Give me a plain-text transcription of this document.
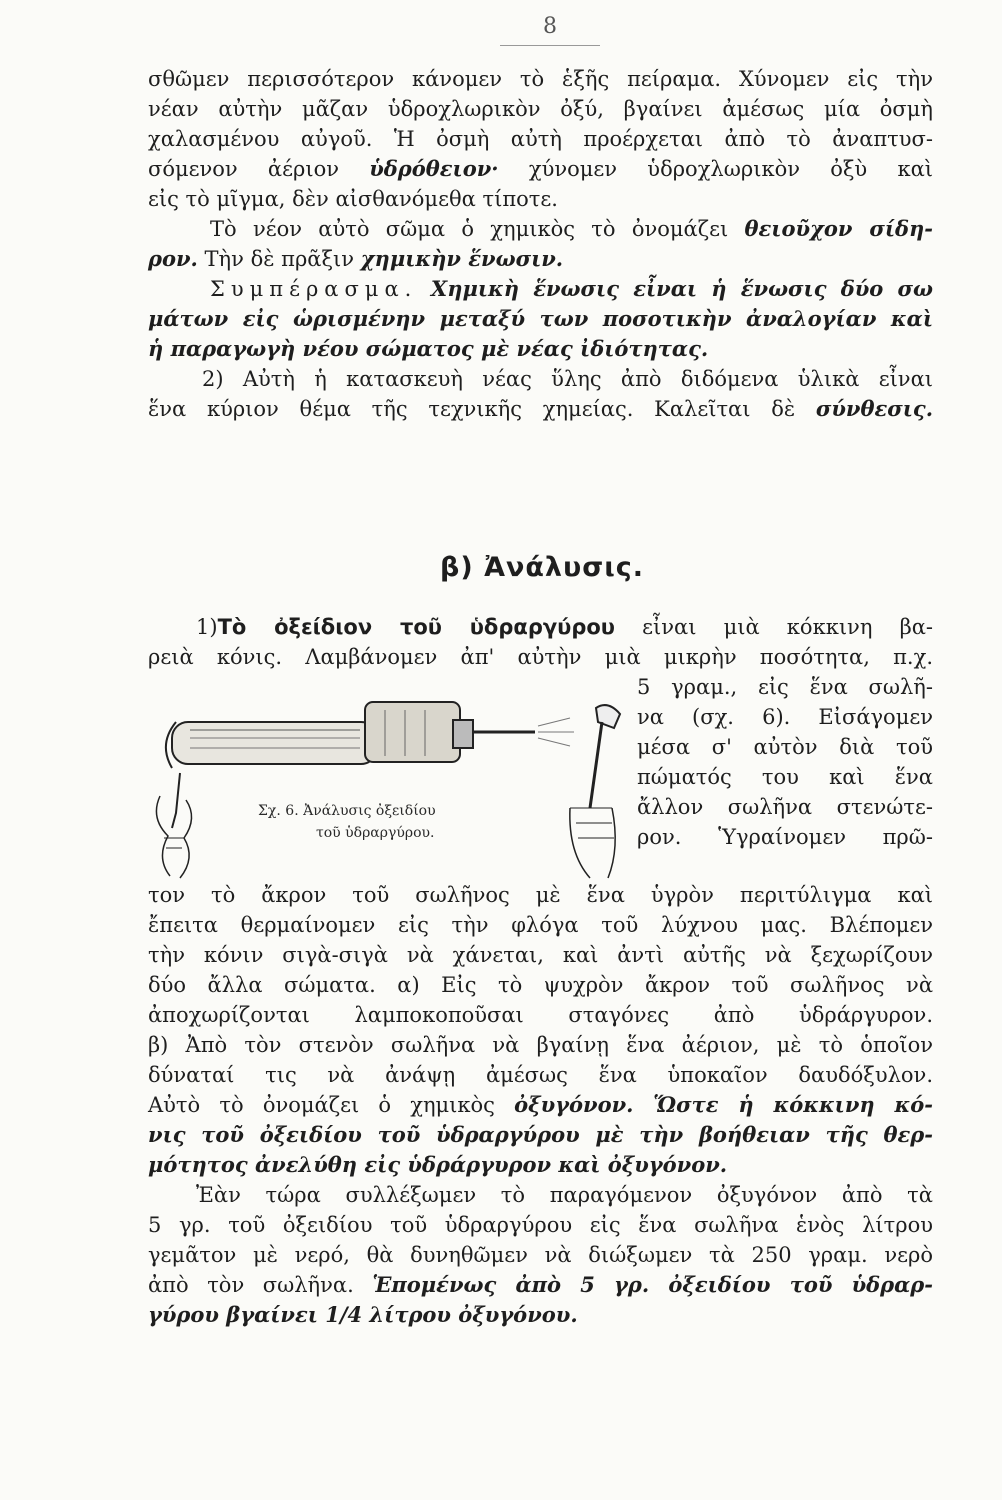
8
σθῶμεν περισσότερον κάνομεν τὸ ἑξῆς πείραμα. Χύνομεν εἰς τὴν
νέαν αὐτὴν μᾶζαν ὑδροχλωρικὸν ὀξύ, βγαίνει ἀμέσως μία ὀσμὴ
χαλασμένου αὐγοῦ. Ἡ ὀσμὴ αὐτὴ προέρχεται ἀπὸ τὸ ἀναπτυσ-
σόμενον ἀέριον ὑδρόθειον· χύνομεν ὑδροχλωρικὸν ὀξὺ καὶ
εἰς τὸ μῖγμα, δὲν αἰσθανόμεθα τίποτε.
Τὸ νέον αὐτὸ σῶμα ὁ χημικὸς τὸ ὀνομάζει θειοῦχον σίδη-
ρον. Τὴν δὲ πρᾶξιν χημικὴν ἕνωσιν.
Συμπέρασμα. Χημικὴ ἕνωσις εἶναι ἡ ἕνωσις δύο σω
μάτων εἰς ὡρισμένην μεταξύ των ποσοτικὴν ἀναλογίαν καὶ
ἡ παραγωγὴ νέου σώματος μὲ νέας ἰδιότητας.
2) Αὐτὴ ἡ κατασκευὴ νέας ὕλης ἀπὸ διδόμενα ὑλικὰ εἶναι
ἕνα κύριον θέμα τῆς τεχνικῆς χημείας. Καλεῖται δὲ σύνθεσις.
β) Ἀνάλυσις.
1)Τὸ ὀξείδιον τοῦ ὑδραργύρου εἶναι μιὰ κόκκινη βα-
ρειὰ κόνις. Λαμβάνομεν ἀπ' αὐτὴν μιὰ μικρὴν ποσότητα, π.χ.
5 γραμ., εἰς ἕνα σωλῆ-
να (σχ. 6). Εἰσάγομεν
μέσα σ' αὐτὸν διὰ τοῦ
πώματός του καὶ ἕνα
ἄλλον σωλῆνα στενώτε-
ρον. Ὑγραίνομεν πρῶ-
Σχ. 6. Ἀνάλυσις ὀξειδίου
τοῦ ὑδραργύρου.
τον τὸ ἄκρον τοῦ σωλῆνος μὲ ἕνα ὑγρὸν περιτύλιγμα καὶ
ἔπειτα θερμαίνομεν εἰς τὴν φλόγα τοῦ λύχνου μας. Βλέπομεν
τὴν κόνιν σιγὰ-σιγὰ νὰ χάνεται, καὶ ἀντὶ αὐτῆς νὰ ξεχωρίζουν
δύο ἄλλα σώματα. α) Εἰς τὸ ψυχρὸν ἄκρον τοῦ σωλῆνος νὰ
ἀποχωρίζονται λαμποκοποῦσαι σταγόνες ἀπὸ ὑδράργυρον.
β) Ἀπὸ τὸν στενὸν σωλῆνα νὰ βγαίνῃ ἕνα ἀέριον, μὲ τὸ ὁποῖον
δύναταί τις νὰ ἀνάψῃ ἀμέσως ἕνα ὑποκαῖον δαυδόξυλον.
Αὐτὸ τὸ ὀνομάζει ὁ χημικὸς ὀξυγόνον. Ὥστε ἡ κόκκινη κό-
νις τοῦ ὀξειδίου τοῦ ὑδραργύρου μὲ τὴν βοήθειαν τῆς θερ-
μότητος ἀνελύθη εἰς ὑδράργυρον καὶ ὀξυγόνον.
Ἐὰν τώρα συλλέξωμεν τὸ παραγόμενον ὀξυγόνον ἀπὸ τὰ
5 γρ. τοῦ ὀξειδίου τοῦ ὑδραργύρου εἰς ἕνα σωλῆνα ἑνὸς λίτρου
γεμᾶτον μὲ νερό, θὰ δυνηθῶμεν νὰ διώξωμεν τὰ 250 γραμ. νερὸ
ἀπὸ τὸν σωλῆνα. Ἑπομένως ἀπὸ 5 γρ. ὀξειδίου τοῦ ὑδραρ-
γύρου βγαίνει 1/4 λίτρου ὀξυγόνου.
